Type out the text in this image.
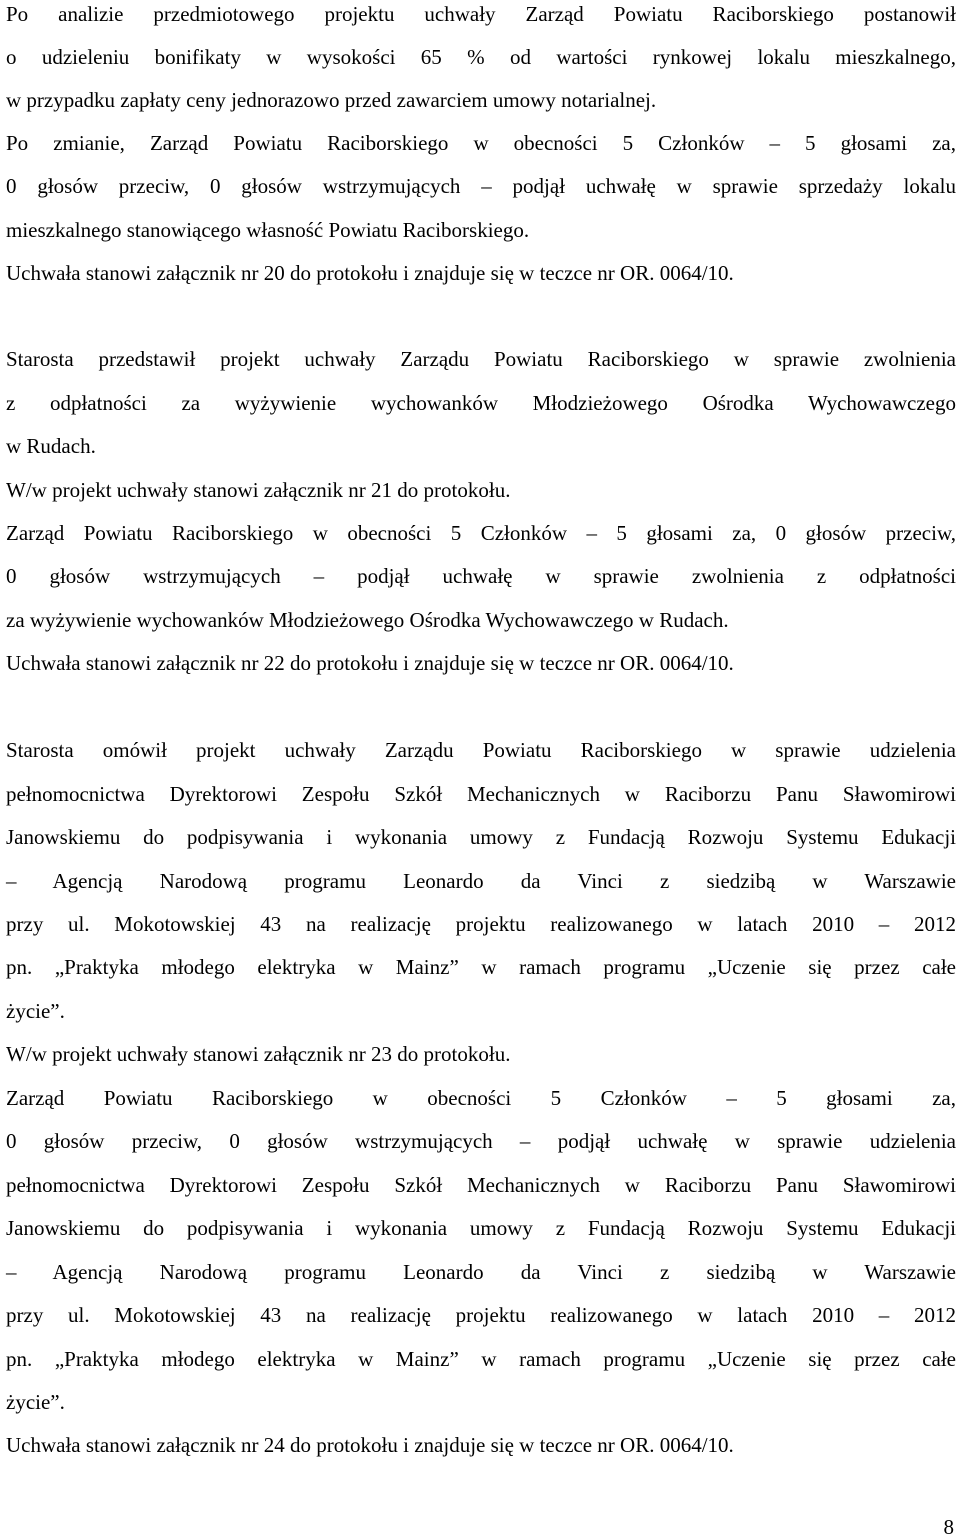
Po analizie przedmiotowego projektu uchwały Zarząd Powiatu Raciborskiego postanowił
o udzieleniu bonifikaty w wysokości 65 % od wartości rynkowej lokalu mieszkalnego,
w przypadku zapłaty ceny jednorazowo przed zawarciem umowy notarialnej.
Po zmianie, Zarząd Powiatu Raciborskiego w obecności 5 Członków – 5 głosami za,
0 głosów przeciw, 0 głosów wstrzymujących – podjął uchwałę w sprawie sprzedaży lokalu
mieszkalnego stanowiącego własność Powiatu Raciborskiego.
Uchwała stanowi załącznik nr 20 do protokołu i znajduje się w teczce nr OR. 0064/10.
Starosta przedstawił projekt uchwały Zarządu Powiatu Raciborskiego w sprawie zwolnienia
z odpłatności za wyżywienie wychowanków Młodzieżowego Ośrodka Wychowawczego
w Rudach.
W/w projekt uchwały stanowi załącznik nr 21 do protokołu.
Zarząd Powiatu Raciborskiego w obecności 5 Członków – 5 głosami za, 0 głosów przeciw,
0 głosów wstrzymujących – podjął uchwałę w sprawie zwolnienia z odpłatności
za wyżywienie wychowanków Młodzieżowego Ośrodka Wychowawczego w Rudach.
Uchwała stanowi załącznik nr 22 do protokołu i znajduje się w teczce nr OR. 0064/10.
Starosta omówił projekt uchwały Zarządu Powiatu Raciborskiego w sprawie udzielenia
pełnomocnictwa Dyrektorowi Zespołu Szkół Mechanicznych w Raciborzu Panu Sławomirowi
Janowskiemu do podpisywania i wykonania umowy z Fundacją Rozwoju Systemu Edukacji
– Agencją Narodową programu Leonardo da Vinci z siedzibą w Warszawie
przy ul. Mokotowskiej 43 na realizację projektu realizowanego w latach 2010 – 2012
pn. „Praktyka młodego elektryka w Mainz” w ramach programu „Uczenie się przez całe
życie”.
W/w projekt uchwały stanowi załącznik nr 23 do protokołu.
Zarząd Powiatu Raciborskiego w obecności 5 Członków – 5 głosami za,
0 głosów przeciw, 0 głosów wstrzymujących – podjął uchwałę w sprawie udzielenia
pełnomocnictwa Dyrektorowi Zespołu Szkół Mechanicznych w Raciborzu Panu Sławomirowi
Janowskiemu do podpisywania i wykonania umowy z Fundacją Rozwoju Systemu Edukacji
– Agencją Narodową programu Leonardo da Vinci z siedzibą w Warszawie
przy ul. Mokotowskiej 43 na realizację projektu realizowanego w latach 2010 – 2012
pn. „Praktyka młodego elektryka w Mainz” w ramach programu „Uczenie się przez całe
życie”.
Uchwała stanowi załącznik nr 24 do protokołu i znajduje się w teczce nr OR. 0064/10.
8
